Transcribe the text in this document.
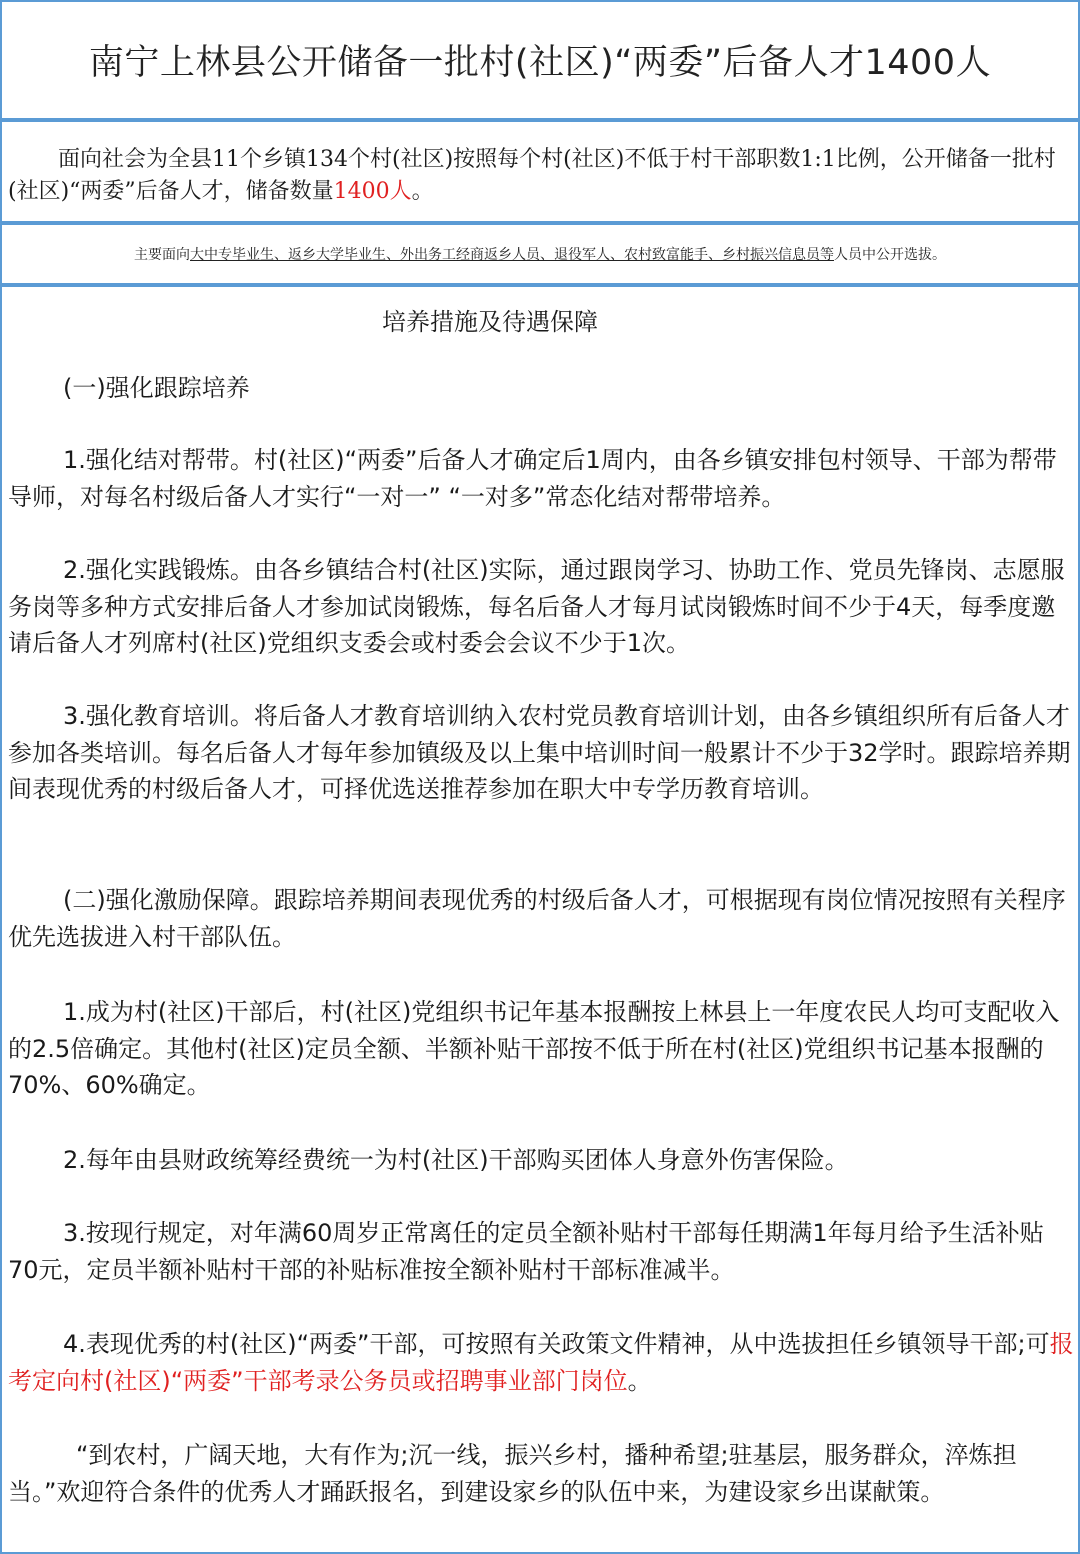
南宁上林县公开储备一批村(社区)“两委”后备人才1400人

面向社会为全县11个乡镇134个村(社区)按照每个村(社区)不低于村干部职数1:1比例，公开储备一批村(社区)“两委”后备人才，储备数量1400人。

主要面向大中专毕业生、返乡大学毕业生、外出务工经商返乡人员、退役军人、农村致富能手、乡村振兴信息员等人员中公开选拔。
培养措施及待遇保障

(一)强化跟踪培养

1.强化结对帮带。村(社区)“两委”后备人才确定后1周内，由各乡镇安排包村领导、干部为帮带导师，对每名村级后备人才实行“一对一” “一对多”常态化结对帮带培养。

2.强化实践锻炼。由各乡镇结合村(社区)实际，通过跟岗学习、协助工作、党员先锋岗、志愿服务岗等多种方式安排后备人才参加试岗锻炼，每名后备人才每月试岗锻炼时间不少于4天，每季度邀请后备人才列席村(社区)党组织支委会或村委会会议不少于1次。

3.强化教育培训。将后备人才教育培训纳入农村党员教育培训计划，由各乡镇组织所有后备人才参加各类培训。每名后备人才每年参加镇级及以上集中培训时间一般累计不少于32学时。跟踪培养期间表现优秀的村级后备人才，可择优选送推荐参加在职大中专学历教育培训。

(二)强化激励保障。跟踪培养期间表现优秀的村级后备人才，可根据现有岗位情况按照有关程序优先选拔进入村干部队伍。

1.成为村(社区)干部后，村(社区)党组织书记年基本报酬按上林县上一年度农民人均可支配收入的2.5倍确定。其他村(社区)定员全额、半额补贴干部按不低于所在村(社区)党组织书记基本报酬的70%、60%确定。

2.每年由县财政统筹经费统一为村(社区)干部购买团体人身意外伤害保险。

3.按现行规定，对年满60周岁正常离任的定员全额补贴村干部每任期满1年每月给予生活补贴70元，定员半额补贴村干部的补贴标准按全额补贴村干部标准减半。

4.表现优秀的村(社区)“两委”干部，可按照有关政策文件精神，从中选拔担任乡镇领导干部;可报考定向村(社区)“两委”干部考录公务员或招聘事业部门岗位。

“到农村，广阔天地，大有作为;沉一线，振兴乡村，播种希望;驻基层，服务群众，淬炼担当。”欢迎符合条件的优秀人才踊跃报名，到建设家乡的队伍中来，为建设家乡出谋献策。
